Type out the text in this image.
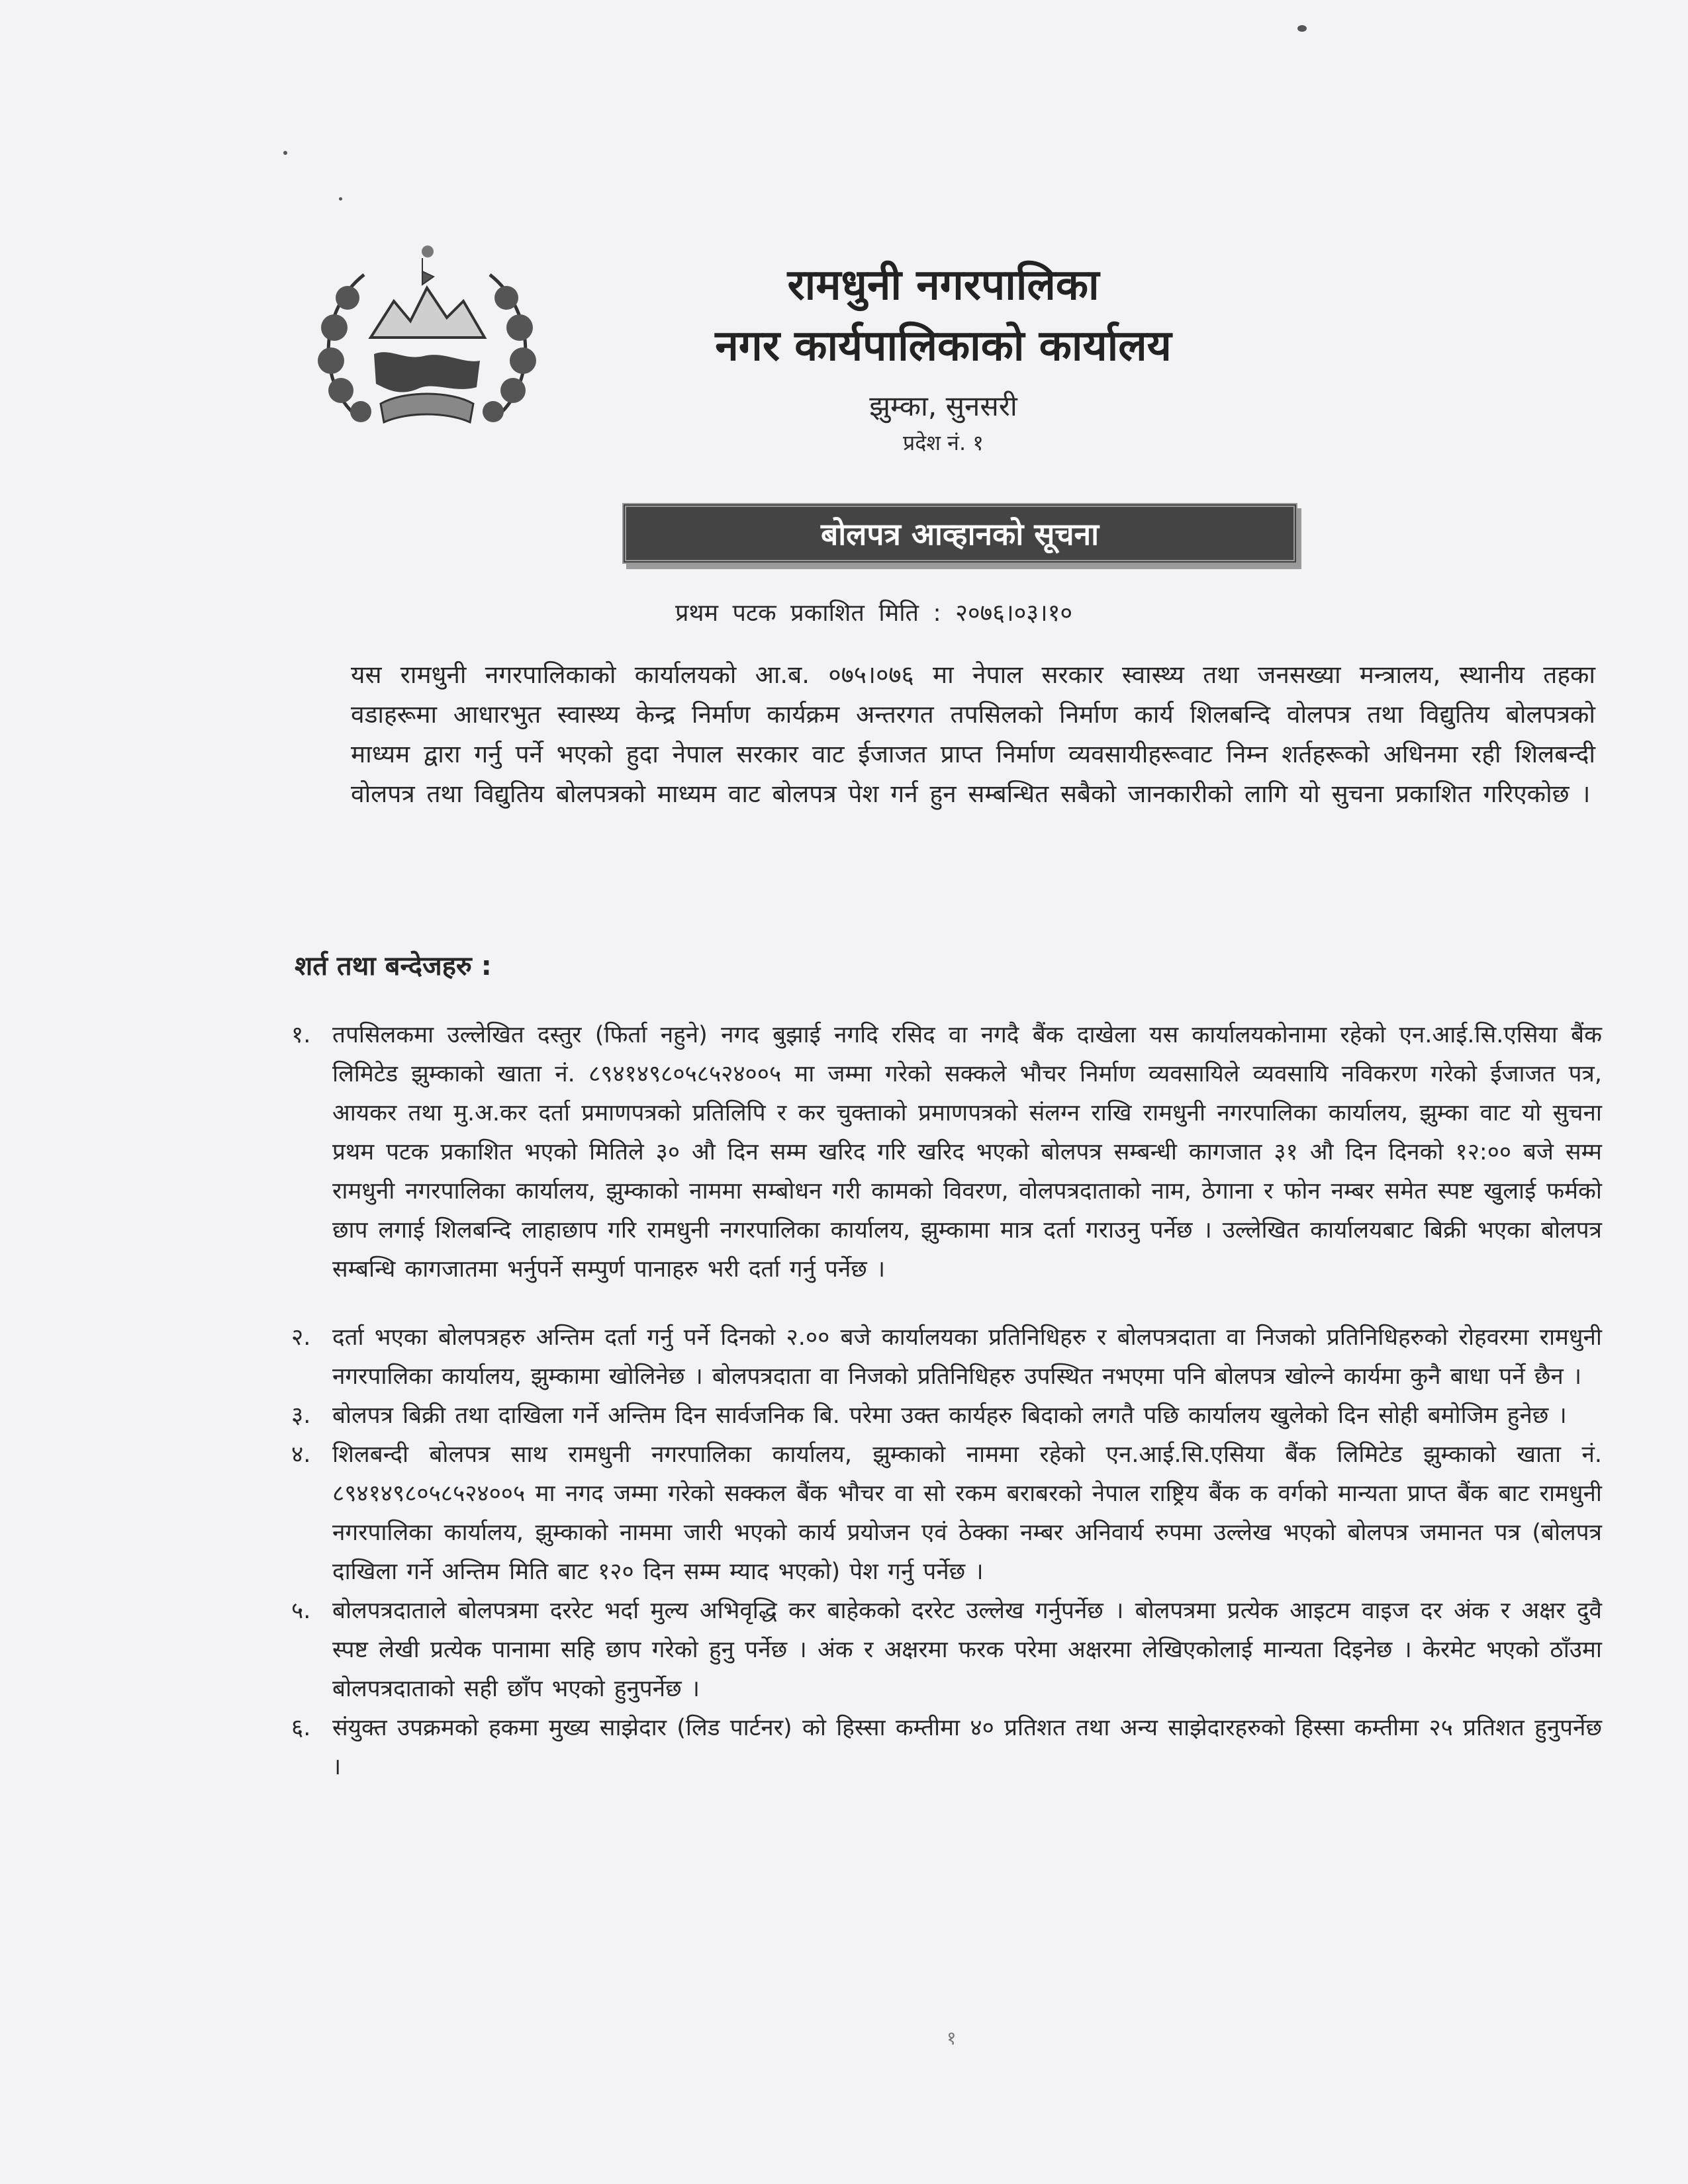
रामधुनी नगरपालिका
नगर कार्यपालिकाको कार्यालय
झुम्का, सुनसरी
प्रदेश नं. १
बोलपत्र आव्हानको सूचना
प्रथम पटक प्रकाशित मिति : २०७६।०३।१०

यस रामधुनी नगरपालिकाको कार्यालयको आ.ब. ०७५।०७६ मा नेपाल सरकार स्वास्थ्य तथा जनसख्या मन्त्रालय, स्थानीय तहका वडाहरूमा आधारभुत स्वास्थ्य केन्द्र निर्माण कार्यक्रम अन्तरगत तपसिलको निर्माण कार्य शिलबन्दि वोलपत्र तथा विद्युतिय बोलपत्रको माध्यम द्वारा गर्नु पर्ने भएको हुदा नेपाल सरकार वाट ईजाजत प्राप्त निर्माण व्यवसायीहरूवाट निम्न शर्तहरूको अधिनमा रही शिलबन्दी वोलपत्र तथा विद्युतिय बोलपत्रको माध्यम वाट बोलपत्र पेश गर्न हुन सम्बन्धित सबैको जानकारीको लागि यो सुचना प्रकाशित गरिएकोछ ।

शर्त तथा बन्देजहरु :
१. तपसिलकमा उल्लेखित दस्तुर (फिर्ता नहुने) नगद बुझाई नगदि रसिद वा नगदै बैंक दाखेला यस कार्यालयकोनामा रहेको एन.आई.सि.एसिया बैंक लिमिटेड झुम्काको खाता नं. ८९४१४९८०५८५२४००५ मा जम्मा गरेको सक्कले भौचर निर्माण व्यवसायिले व्यवसायि नविकरण गरेको ईजाजत पत्र, आयकर तथा मु.अ.कर दर्ता प्रमाणपत्रको प्रतिलिपि र कर चुक्ताको प्रमाणपत्रको संलग्न राखि रामधुनी नगरपालिका कार्यालय, झुम्का वाट यो सुचना प्रथम पटक प्रकाशित भएको मितिले ३० औ दिन सम्म खरिद गरि खरिद भएको बोलपत्र सम्बन्धी कागजात ३१ औ दिन दिनको १२:०० बजे सम्म रामधुनी नगरपालिका कार्यालय, झुम्काको नाममा सम्बोधन गरी कामको विवरण, वोलपत्रदाताको नाम, ठेगाना र फोन नम्बर समेत स्पष्ट खुलाई फर्मको छाप लगाई शिलबन्दि लाहाछाप गरि रामधुनी नगरपालिका कार्यालय, झुम्कामा मात्र दर्ता गराउनु पर्नेछ । उल्लेखित कार्यालयबाट बिक्री भएका बोलपत्र सम्बन्धि कागजातमा भर्नुपर्ने सम्पुर्ण पानाहरु भरी दर्ता गर्नु पर्नेछ ।
२. दर्ता भएका बोलपत्रहरु अन्तिम दर्ता गर्नु पर्ने दिनको २.०० बजे कार्यालयका प्रतिनिधिहरु र बोलपत्रदाता वा निजको प्रतिनिधिहरुको रोहवरमा रामधुनी नगरपालिका कार्यालय, झुम्कामा खोलिनेछ । बोलपत्रदाता वा निजको प्रतिनिधिहरु उपस्थित नभएमा पनि बोलपत्र खोल्ने कार्यमा कुनै बाधा पर्ने छैन ।
३. बोलपत्र बिक्री तथा दाखिला गर्ने अन्तिम दिन सार्वजनिक बि. परेमा उक्त कार्यहरु बिदाको लगतै पछि कार्यालय खुलेको दिन सोही बमोजिम हुनेछ ।
४. शिलबन्दी बोलपत्र साथ रामधुनी नगरपालिका कार्यालय, झुम्काको नाममा रहेको एन.आई.सि.एसिया बैंक लिमिटेड झुम्काको खाता नं. ८९४१४९८०५८५२४००५ मा नगद जम्मा गरेको सक्कल बैंक भौचर वा सो रकम बराबरको नेपाल राष्ट्रिय बैंक क वर्गको मान्यता प्राप्त बैंक बाट रामधुनी नगरपालिका कार्यालय, झुम्काको नाममा जारी भएको कार्य प्रयोजन एवं ठेक्का नम्बर अनिवार्य रुपमा उल्लेख भएको बोलपत्र जमानत पत्र (बोलपत्र दाखिला गर्ने अन्तिम मिति बाट १२० दिन सम्म म्याद भएको) पेश गर्नु पर्नेछ ।
५. बोलपत्रदाताले बोलपत्रमा दररेट भर्दा मुल्य अभिवृद्धि कर बाहेकको दररेट उल्लेख गर्नुपर्नेछ । बोलपत्रमा प्रत्येक आइटम वाइज दर अंक र अक्षर दुवै स्पष्ट लेखी प्रत्येक पानामा सहि छाप गरेको हुनु पर्नेछ । अंक र अक्षरमा फरक परेमा अक्षरमा लेखिएकोलाई मान्यता दिइनेछ । केरमेट भएको ठाँउमा बोलपत्रदाताको सही छाँप भएको हुनुपर्नेछ ।
६. संयुक्त उपक्रमको हकमा मुख्य साझेदार (लिड पार्टनर) को हिस्सा कम्तीमा ४० प्रतिशत तथा अन्य साझेदारहरुको हिस्सा कम्तीमा २५ प्रतिशत हुनुपर्नेछ ।
१
